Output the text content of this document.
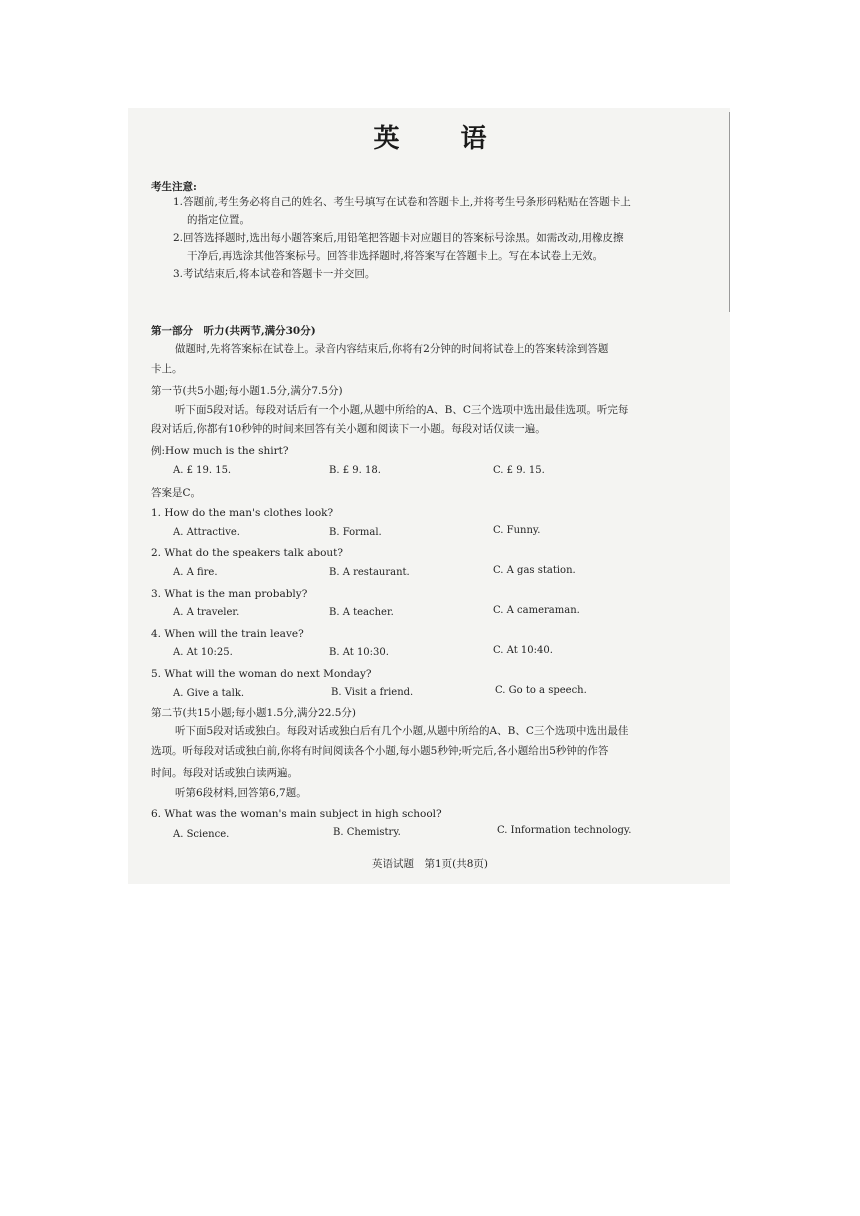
英 语
考生注意:
1.答题前,考生务必将自己的姓名、考生号填写在试卷和答题卡上,并将考生号条形码粘贴在答题卡上
的指定位置。
2.回答选择题时,选出每小题答案后,用铅笔把答题卡对应题目的答案标号涂黑。如需改动,用橡皮擦
干净后,再选涂其他答案标号。回答非选择题时,将答案写在答题卡上。写在本试卷上无效。
3.考试结束后,将本试卷和答题卡一并交回。
第一部分　听力(共两节,满分30分)
做题时,先将答案标在试卷上。录音内容结束后,你将有2分钟的时间将试卷上的答案转涂到答题
卡上。
第一节(共5小题;每小题1.5分,满分7.5分)
听下面5段对话。每段对话后有一个小题,从题中所给的A、B、C三个选项中选出最佳选项。听完每
段对话后,你都有10秒钟的时间来回答有关小题和阅读下一小题。每段对话仅读一遍。
例:How much is the shirt?
A. £ 19. 15.	B. £ 9. 18.	C. £ 9. 15.
答案是C。
1. How do the man's clothes look?
A. Attractive.	B. Formal.	C. Funny.
2. What do the speakers talk about?
A. A fire.	B. A restaurant.	C. A gas station.
3. What is the man probably?
A. A traveler.	B. A teacher.	C. A cameraman.
4. When will the train leave?
A. At 10:25.	B. At 10:30.	C. At 10:40.
5. What will the woman do next Monday?
A. Give a talk.	B. Visit a friend.	C. Go to a speech.
第二节(共15小题;每小题1.5分,满分22.5分)
听下面5段对话或独白。每段对话或独白后有几个小题,从题中所给的A、B、C三个选项中选出最佳
选项。听每段对话或独白前,你将有时间阅读各个小题,每小题5秒钟;听完后,各小题给出5秒钟的作答
时间。每段对话或独白读两遍。
听第6段材料,回答第6,7题。
6. What was the woman's main subject in high school?
A. Science.	B. Chemistry.	C. Information technology.
英语试题　第1页(共8页)
